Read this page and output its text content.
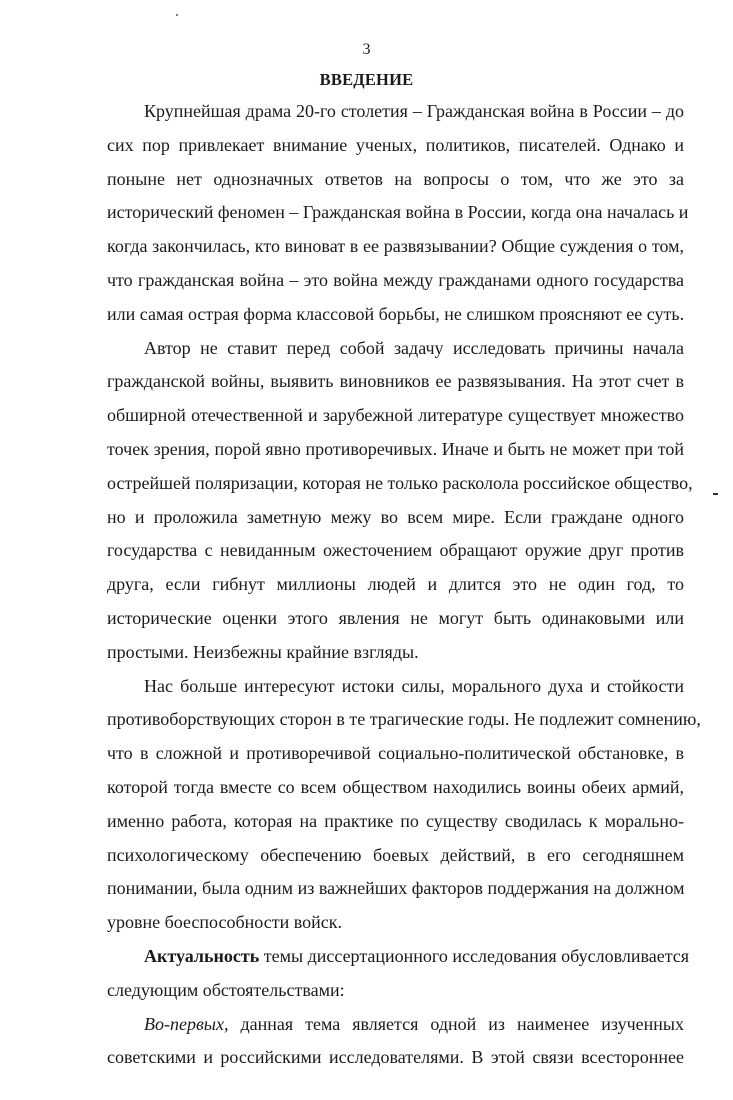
3
ВВЕДЕНИЕ
Крупнейшая драма 20-го столетия – Гражданская война в России – до
сих пор привлекает внимание ученых, политиков, писателей. Однако и
поныне нет однозначных ответов на вопросы о том, что же это за
исторический феномен – Гражданская война в России, когда она началась и
когда закончилась, кто виноват в ее развязывании? Общие суждения о том,
что гражданская война – это война между гражданами одного государства
или самая острая форма классовой борьбы, не слишком проясняют ее суть.
Автор не ставит перед собой задачу исследовать причины начала
гражданской войны, выявить виновников ее развязывания. На этот счет в
обширной отечественной и зарубежной литературе существует множество
точек зрения, порой явно противоречивых. Иначе и быть не может при той
острейшей поляризации, которая не только расколола российское общество,
но и проложила заметную межу во всем мире. Если граждане одного
государства с невиданным ожесточением обращают оружие друг против
друга, если гибнут миллионы людей и длится это не один год, то
исторические оценки этого явления не могут быть одинаковыми или
простыми. Неизбежны крайние взгляды.
Нас больше интересуют истоки силы, морального духа и стойкости
противоборствующих сторон в те трагические годы. Не подлежит сомнению,
что в сложной и противоречивой социально-политической обстановке, в
которой тогда вместе со всем обществом находились воины обеих армий,
именно работа, которая на практике по существу сводилась к морально-
психологическому обеспечению боевых действий, в его сегодняшнем
понимании, была одним из важнейших факторов поддержания на должном
уровне боеспособности войск.
Актуальность темы диссертационного исследования обусловливается
следующим обстоятельствами:
Во-первых, данная тема является одной из наименее изученных
советскими и российскими исследователями. В этой связи всестороннее
